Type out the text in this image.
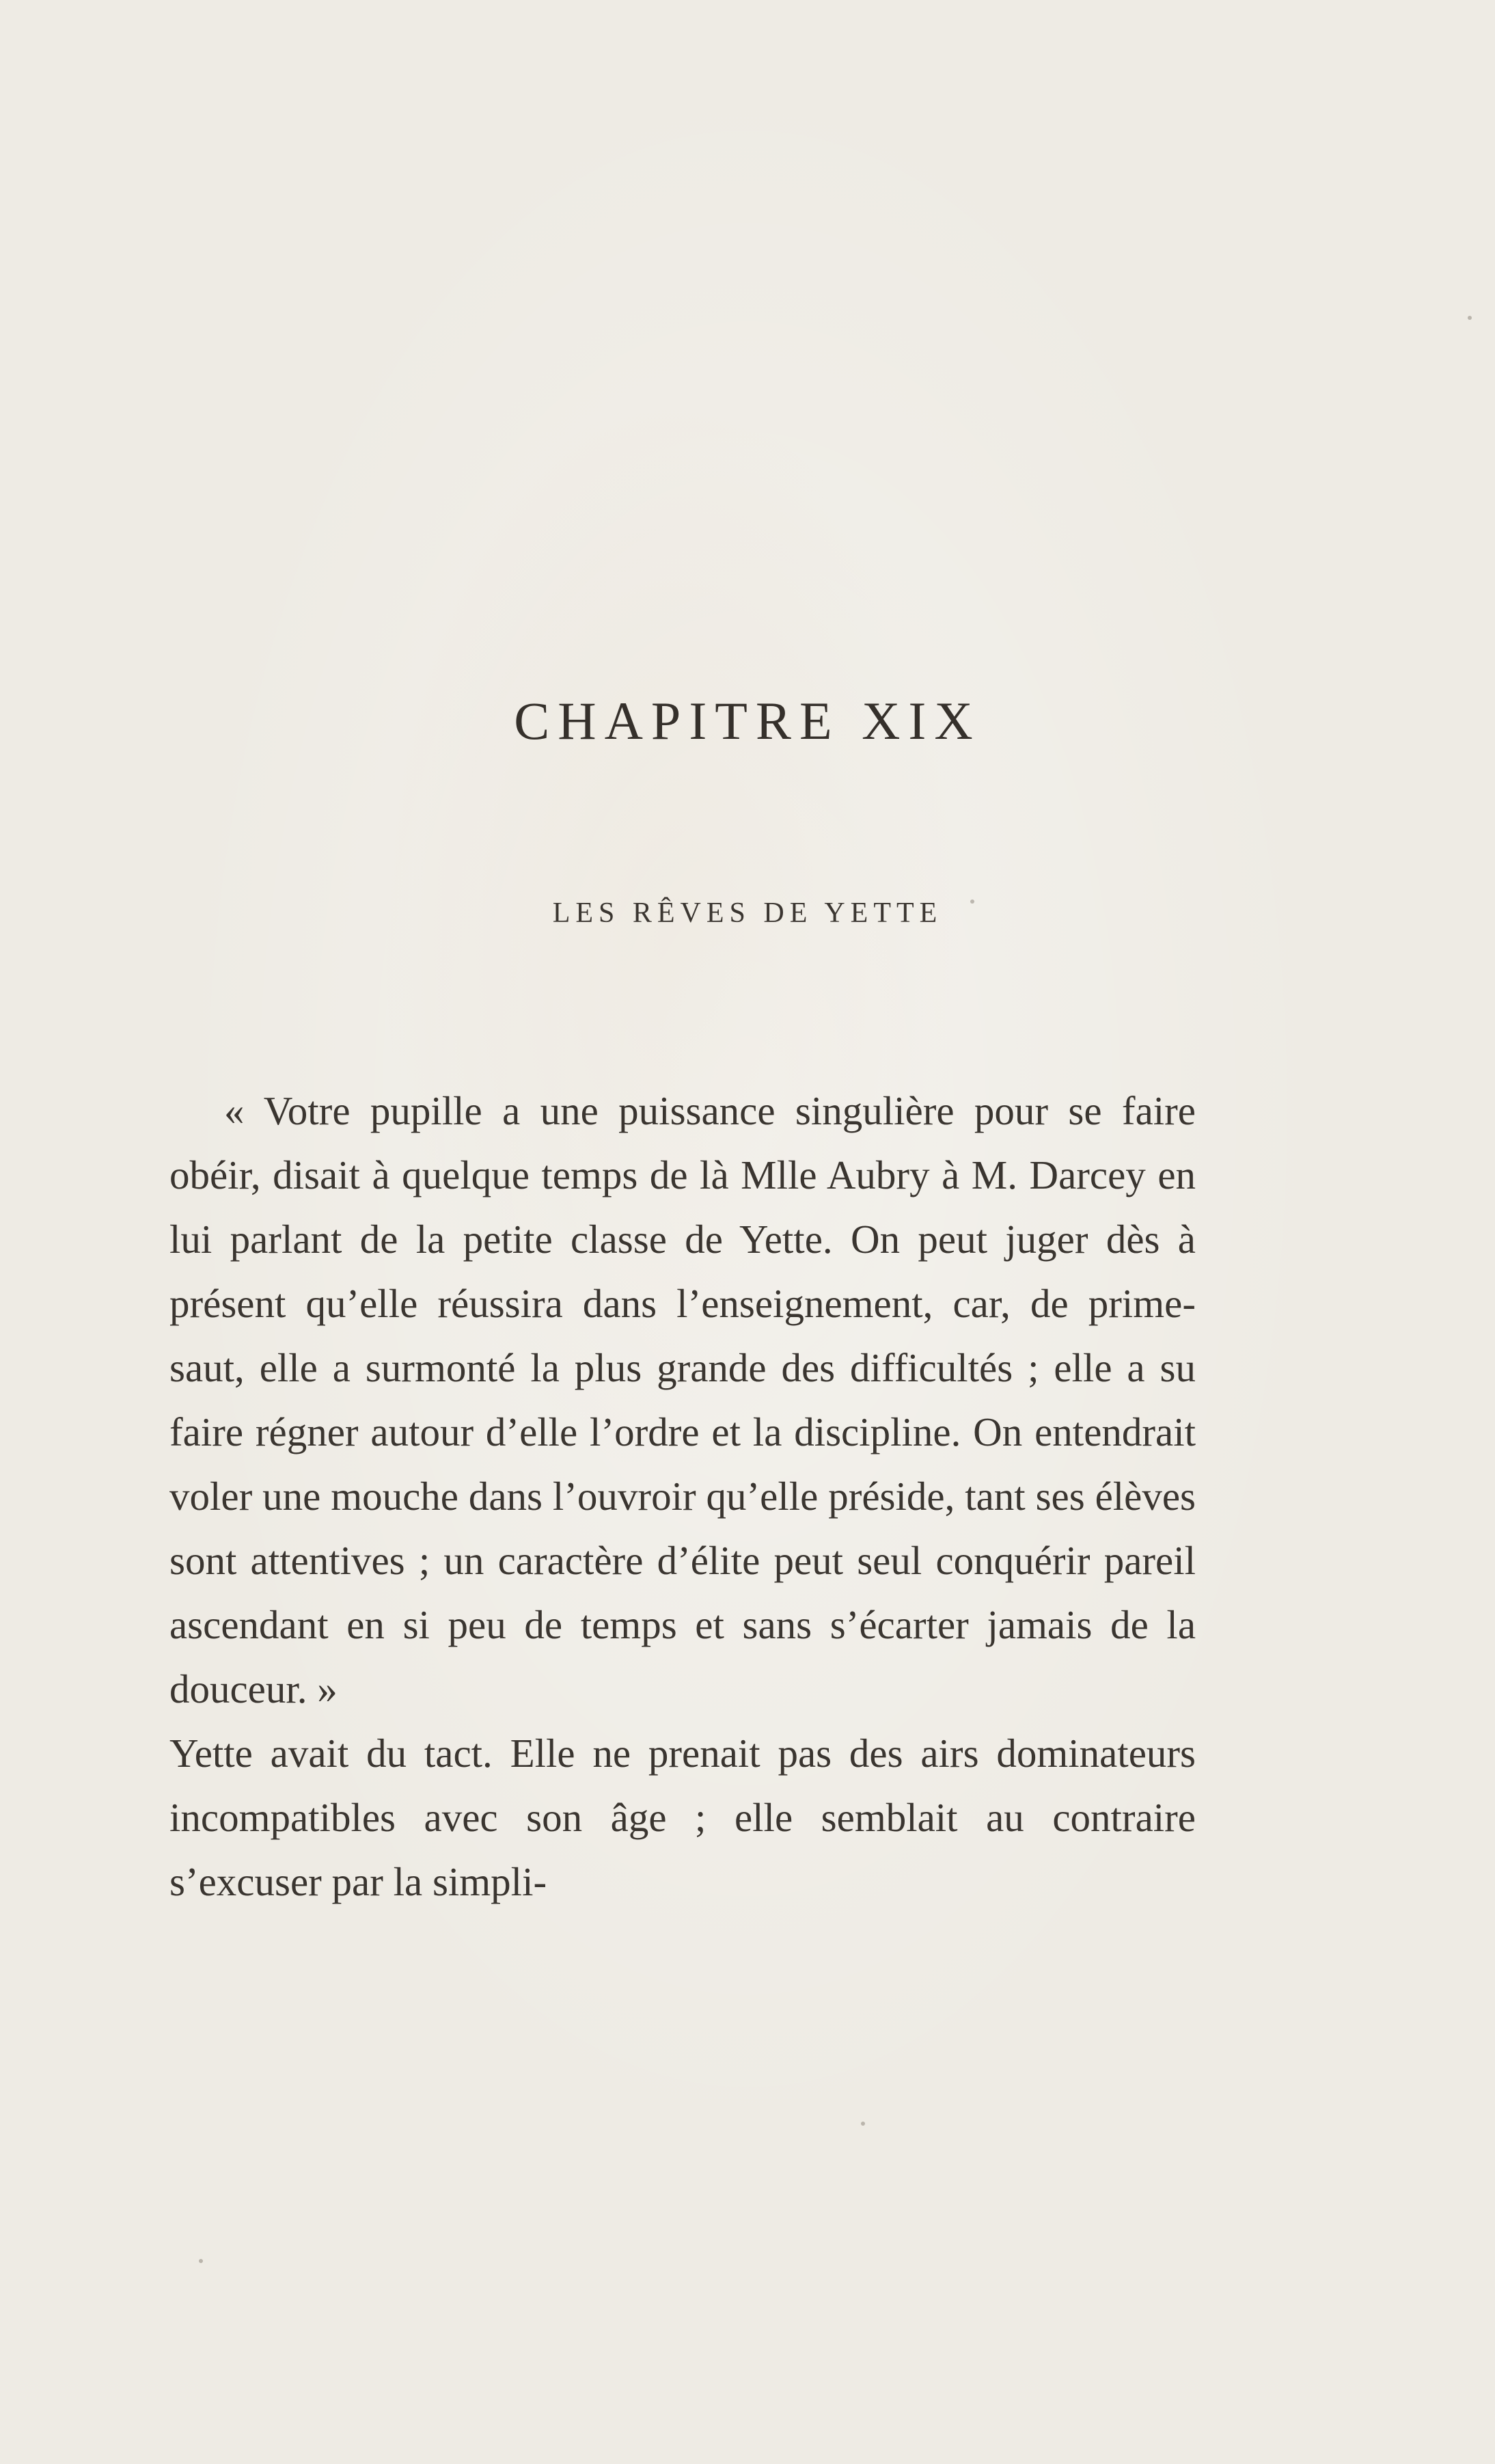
CHAPITRE XIX
LES RÊVES DE YETTE

« Votre pupille a une puissance singulière pour se faire obéir, disait à quelque temps de là Mlle Aubry à M. Darcey en lui parlant de la petite classe de Yette. On peut juger dès à présent qu’elle réussira dans l’enseignement, car, de prime-saut, elle a surmonté la plus grande des difficultés ; elle a su faire régner autour d’elle l’ordre et la discipline. On entendrait voler une mouche dans l’ouvroir qu’elle préside, tant ses élèves sont attentives ; un caractère d’élite peut seul conquérir pareil ascendant en si peu de temps et sans s’écarter jamais de la douceur. »

Yette avait du tact. Elle ne prenait pas des airs dominateurs incompatibles avec son âge ; elle semblait au contraire s’excuser par la simpli-
